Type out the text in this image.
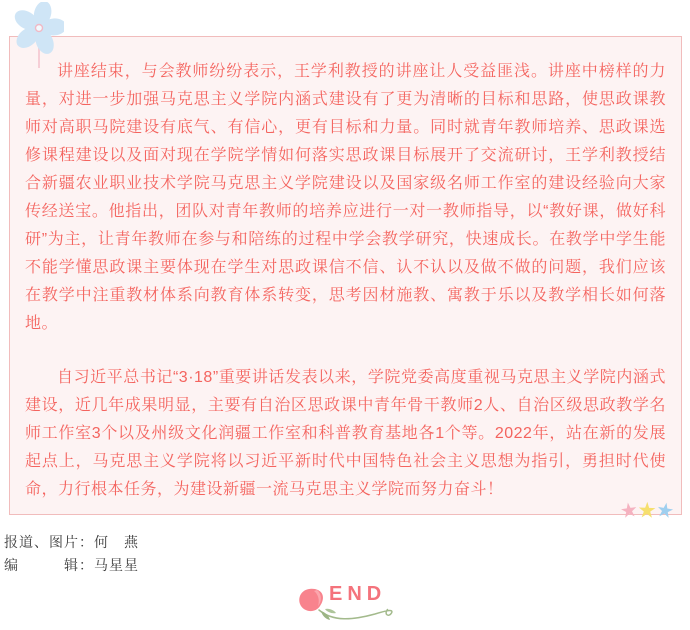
讲座结束，与会教师纷纷表示，王学利教授的讲座让人受益匪浅。讲座中榜样的力量，对进一步加强马克思主义学院内涵式建设有了更为清晰的目标和思路，使思政课教师对高职马院建设有底气、有信心，更有目标和力量。同时就青年教师培养、思政课选修课程建设以及面对现在学院学情如何落实思政课目标展开了交流研讨，王学利教授结合新疆农业职业技术学院马克思主义学院建设以及国家级名师工作室的建设经验向大家传经送宝。他指出，团队对青年教师的培养应进行一对一教师指导，以“教好课，做好科研”为主，让青年教师在参与和陪练的过程中学会教学研究，快速成长。在教学中学生能不能学懂思政课主要体现在学生对思政课信不信、认不认以及做不做的问题，我们应该在教学中注重教材体系向教育体系转变，思考因材施教、寓教于乐以及教学相长如何落地。

自习近平总书记“3·18”重要讲话发表以来，学院党委高度重视马克思主义学院内涵式建设，近几年成果明显，主要有自治区思政课中青年骨干教师2人、自治区级思政教学名师工作室3个以及州级文化润疆工作室和科普教育基地各1个等。2022年，站在新的发展起点上，马克思主义学院将以习近平新时代中国特色社会主义思想为指引，勇担时代使命，力行根本任务，为建设新疆一流马克思主义学院而努力奋斗！

★★★
报道、图片：何　燕
编　　　辑：马星星
END
